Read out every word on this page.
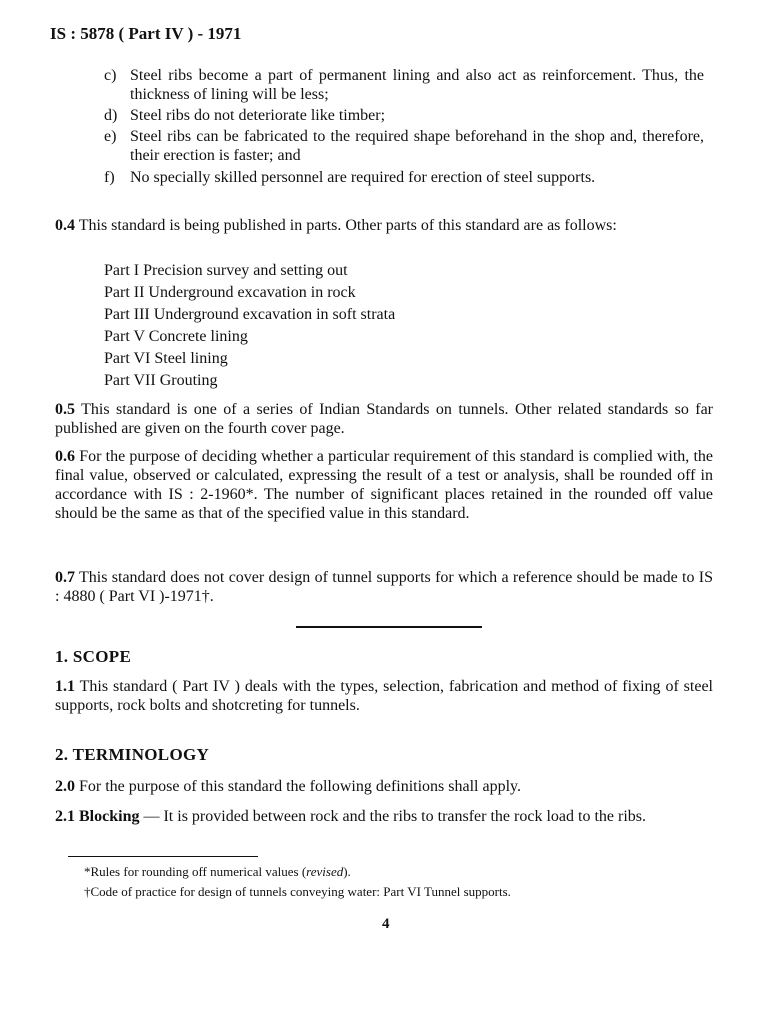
IS : 5878 ( Part IV ) - 1971
c) Steel ribs become a part of permanent lining and also act as reinforcement. Thus, the thickness of lining will be less;
d) Steel ribs do not deteriorate like timber;
e) Steel ribs can be fabricated to the required shape beforehand in the shop and, therefore, their erection is faster; and
f) No specially skilled personnel are required for erection of steel supports.
0.4 This standard is being published in parts. Other parts of this standard are as follows:
Part I Precision survey and setting out
Part II Underground excavation in rock
Part III Underground excavation in soft strata
Part V Concrete lining
Part VI Steel lining
Part VII Grouting
0.5 This standard is one of a series of Indian Standards on tunnels. Other related standards so far published are given on the fourth cover page.
0.6 For the purpose of deciding whether a particular requirement of this standard is complied with, the final value, observed or calculated, expressing the result of a test or analysis, shall be rounded off in accordance with IS : 2-1960*. The number of significant places retained in the rounded off value should be the same as that of the specified value in this standard.
0.7 This standard does not cover design of tunnel supports for which a reference should be made to IS : 4880 ( Part VI )-1971†.
1. SCOPE
1.1 This standard ( Part IV ) deals with the types, selection, fabrication and method of fixing of steel supports, rock bolts and shotcreting for tunnels.
2. TERMINOLOGY
2.0 For the purpose of this standard the following definitions shall apply.
2.1 Blocking — It is provided between rock and the ribs to transfer the rock load to the ribs.
*Rules for rounding off numerical values (revised).
†Code of practice for design of tunnels conveying water: Part VI Tunnel supports.
4
